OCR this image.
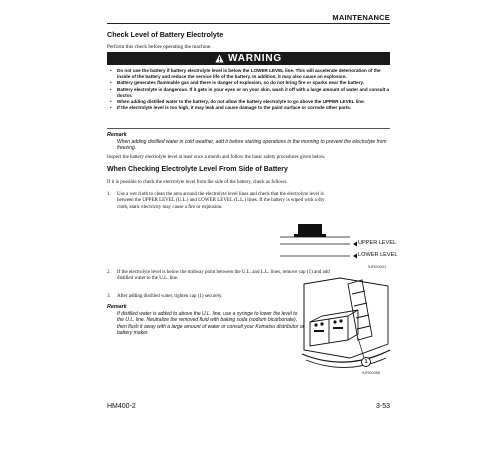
MAINTENANCE
Check Level of Battery Electrolyte
Perform this check before operating the machine.
WARNING
• Do not use the battery if battery electrolyte level is below the LOWER LEVEL line. This will accelerate deterioration of the inside of the battery and reduce the service life of the battery. In addition, it may also cause an explosion.
• Battery generates flammable gas and there is danger of explosion, so do not bring fire or sparks near the battery.
• Battery electrolyte is dangerous. If it gets in your eyes or on your skin, wash it off with a large amount of water and consult a doctor.
• When adding distilled water to the battery, do not allow the battery electrolyte to go above the UPPER LEVEL line.
• If the electrolyte level is too high, it may leak and cause damage to the paint surface or corrode other parts.
Remark
When adding distilled water in cold weather, add it before starting operations in the morning to prevent the electrolyte from freezing.
Inspect the battery electrolyte level at least once a month and follow the basic safety procedures given below.
When Checking Electrolyte Level From Side of Battery
If it is possible to check the electrolyte level from the side of the battery, check as follows.
1.	Use a wet cloth to clean the area around the electrolyte level lines and check that the electrolyte level is between the UPPER LEVEL (U.L.) and LOWER LEVEL (L.L.) lines. If the battery is wiped with a dry cloth, static electricity may cause a fire or explosion.
2.	If the electrolyte level is below the midway point between the U.L. and L.L. lines, remove cap (1) and add distilled water to the U.L. line.
3.	After adding distilled water, tighten cap (1) securely.
Remark
If distilled water is added to above the U.L. line, use a syringe to lower the level to the U.L. line. Neutralize the removed fluid with baking soda (sodium bicarbonate), then flush it away with a large amount of water or consult your Komatsu distributor or battery maker.
UPPER LEVEL
LOWER LEVEL
9JR00041
1
9JR00055
HM400-2	3-53
